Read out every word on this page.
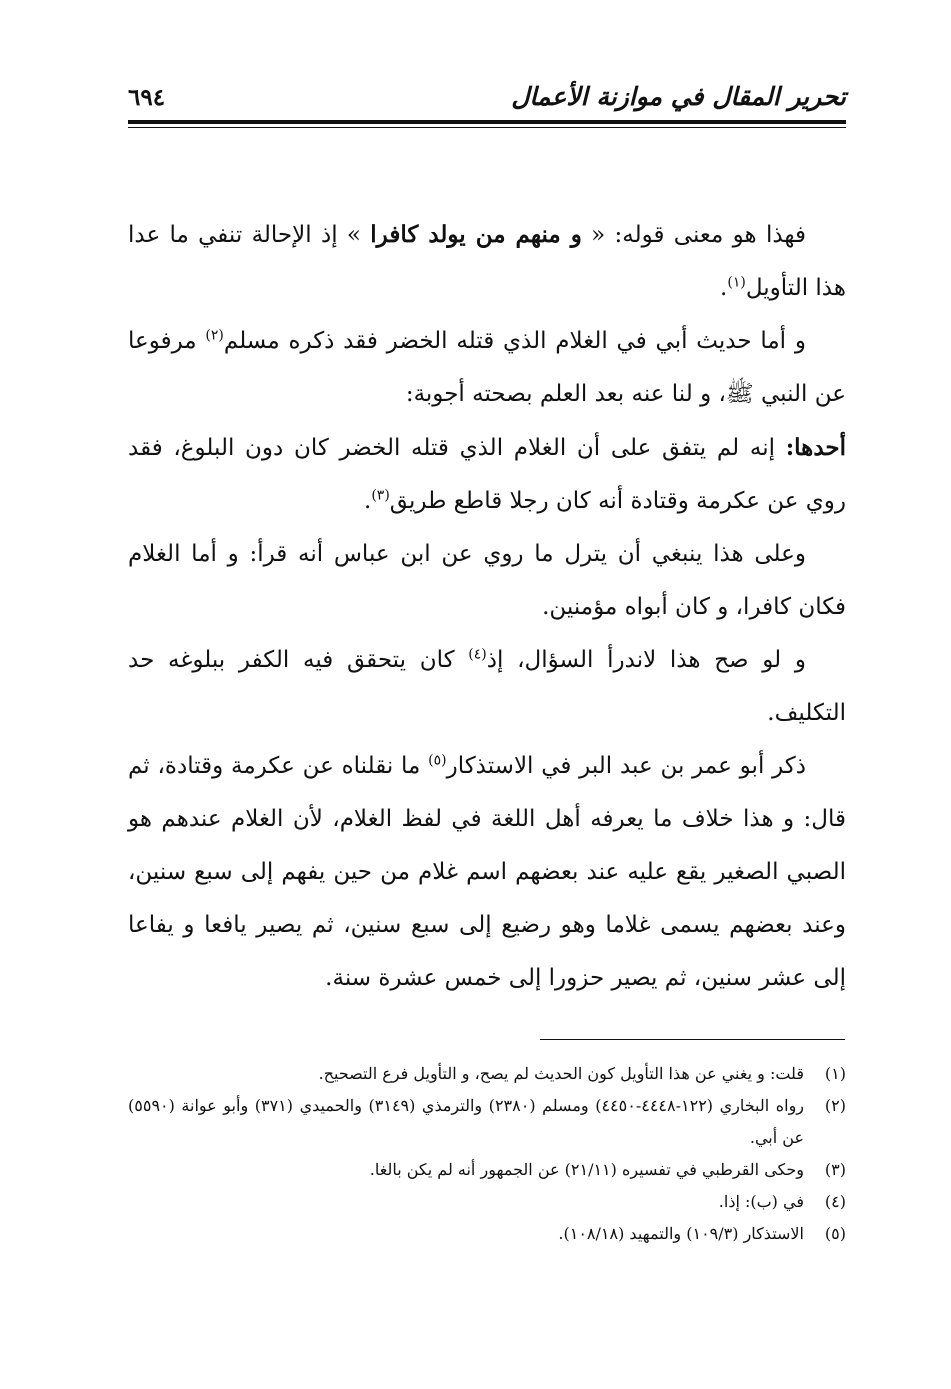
تحرير المقال في موازنة الأعمال
٦٩٤

فهذا هو معنى قوله: « و منهم من يولد كافرا » إذ الإحالة تنفي ما عدا هذا التأويل$^{(١)}$.

و أما حديث أبي في الغلام الذي قتله الخضر فقد ذكره مسلم$^{(٢)}$ مرفوعا عن النبي ﷺ، و لنا عنه بعد العلم بصحته أجوبة:

أحدها: إنه لم يتفق على أن الغلام الذي قتله الخضر كان دون البلوغ، فقد روي عن عكرمة وقتادة أنه كان رجلا قاطع طريق$^{(٣)}$.

وعلى هذا ينبغي أن يترل ما روي عن ابن عباس أنه قرأ: و أما الغلام فكان كافرا، و كان أبواه مؤمنين.

و لو صح هذا لاندرأ السؤال، إذ$^{(٤)}$ كان يتحقق فيه الكفر ببلوغه حد التكليف.

ذكر أبو عمر بن عبد البر في الاستذكار$^{(٥)}$ ما نقلناه عن عكرمة وقتادة، ثم قال: و هذا خلاف ما يعرفه أهل اللغة في لفظ الغلام، لأن الغلام عندهم هو الصبي الصغير يقع عليه عند بعضهم اسم غلام من حين يفهم إلى سبع سنين، وعند بعضهم يسمى غلاما وهو رضيع إلى سبع سنين، ثم يصير يافعا و يفاعا إلى عشر سنين، ثم يصير حزورا إلى خمس عشرة سنة.

(١)
قلت: و يغني عن هذا التأويل كون الحديث لم يصح، و التأويل فرع التصحيح.

(٢)
رواه البخاري (١٢٢-٤٤٤٨-٤٤٥٠) ومسلم (٢٣٨٠) والترمذي (٣١٤٩) والحميدي (٣٧١) وأبو عوانة (٥٥٩٠) عن أبي.

(٣)
وحكى القرطبي في تفسيره (٢١/١١) عن الجمهور أنه لم يكن بالغا.

(٤)
في (ب): إذا.

(٥)
الاستذكار (١٠٩/٣) والتمهيد (١٠٨/١٨).
